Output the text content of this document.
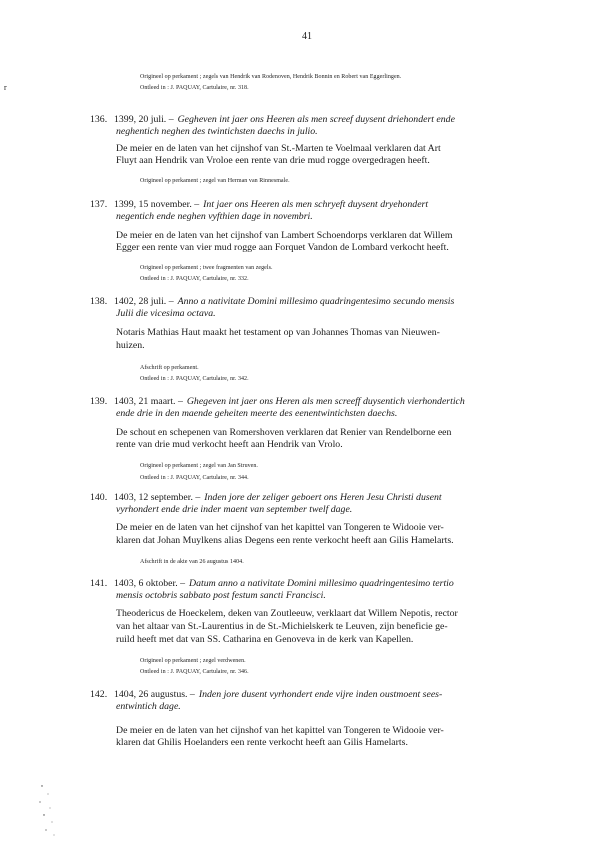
41
r
Origineel op perkament ; zegels van Hendrik van Rodenoven, Hendrik Bonnin en Robert van Eggerlingen.
Ontleed in : J. PAQUAY, Cartulaire, nr. 318.
136. 1399, 20 juli. – Gegheven int jaer ons Heeren als men screef duysent driehondert ende
neghentich neghen des twintichsten daechs in julio.
De meier en de laten van het cijnshof van St.-Marten te Voelmaal verklaren dat Art
Fluyt aan Hendrik van Vroloe een rente van drie mud rogge overgedragen heeft.
Origineel op perkament ; zegel van Herman van Rinnesmale.
137. 1399, 15 november. – Int jaer ons Heeren als men schryeft duysent dryehondert
negentich ende neghen vyfthien dage in novembri.
De meier en de laten van het cijnshof van Lambert Schoendorps verklaren dat Willem
Egger een rente van vier mud rogge aan Forquet Vandon de Lombard verkocht heeft.
Origineel op perkament ; twee fragmenten van zegels.
Ontleed in : J. PAQUAY, Cartulaire, nr. 332.
138. 1402, 28 juli. – Anno a nativitate Domini millesimo quadringentesimo secundo mensis
Julii die vicesima octava.
Notaris Mathias Haut maakt het testament op van Johannes Thomas van Nieuwen-
huizen.
Afschrift op perkament.
Ontleed in : J. PAQUAY, Cartulaire, nr. 342.
139. 1403, 21 maart. – Ghegeven int jaer ons Heren als men screeff duysentich vierhondertich
ende drie in den maende geheiten meerte des eenentwintichsten daechs.
De schout en schepenen van Romershoven verklaren dat Renier van Rendelborne een
rente van drie mud verkocht heeft aan Hendrik van Vrolo.
Origineel op perkament ; zegel van Jan Struven.
Ontleed in : J. PAQUAY, Cartulaire, nr. 344.
140. 1403, 12 september. – Inden jore der zeliger geboert ons Heren Jesu Christi dusent
vyrhondert ende drie inder maent van september twelf dage.
De meier en de laten van het cijnshof van het kapittel van Tongeren te Widooie ver-
klaren dat Johan Muylkens alias Degens een rente verkocht heeft aan Gilis Hamelarts.
Afschrift in de akte van 26 augustus 1404.
141. 1403, 6 oktober. – Datum anno a nativitate Domini millesimo quadringentesimo tertio
mensis octobris sabbato post festum sancti Francisci.
Theodericus de Hoeckelem, deken van Zoutleeuw, verklaart dat Willem Nepotis, rector
van het altaar van St.-Laurentius in de St.-Michielskerk te Leuven, zijn beneficie ge-
ruild heeft met dat van SS. Catharina en Genoveva in de kerk van Kapellen.
Origineel op perkament ; zegel verdwenen.
Ontleed in : J. PAQUAY, Cartulaire, nr. 346.
142. 1404, 26 augustus. – Inden jore dusent vyrhondert ende vijre inden oustmoent sees-
entwintich dage.
De meier en de laten van het cijnshof van het kapittel van Tongeren te Widooie ver-
klaren dat Ghilis Hoelanders een rente verkocht heeft aan Gilis Hamelarts.
